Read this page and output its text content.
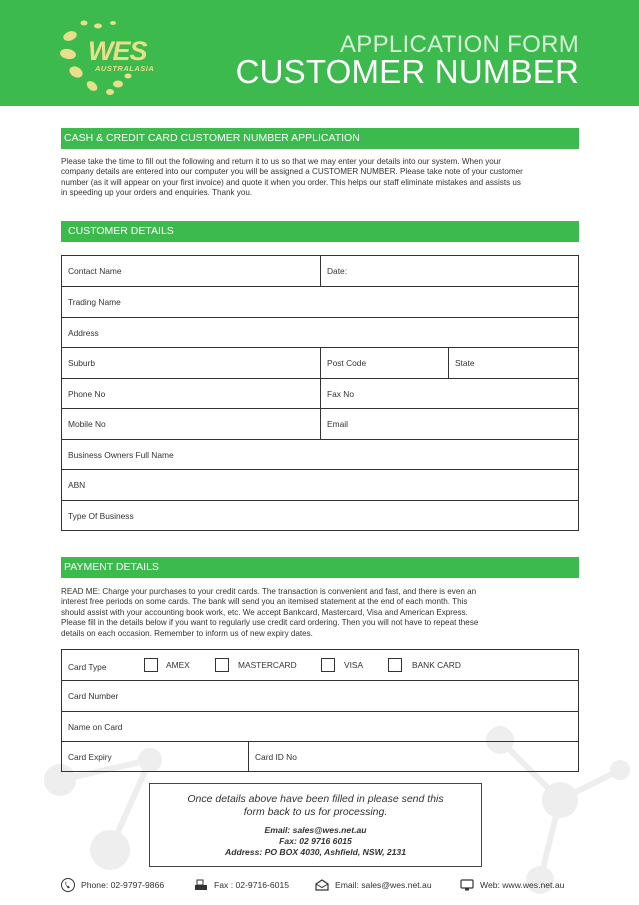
WES
AUSTRALASIA
APPLICATION FORM
CUSTOMER NUMBER
CASH & CREDIT CARD CUSTOMER NUMBER APPLICATION
Please take the time to fill out the following and return it to us so that we may enter your details into our system. When your
company details are entered into our computer you will be assigned a CUSTOMER NUMBER. Please take note of your customer
number (as it will appear on your first invoice) and quote it when you order. This helps our staff eliminate mistakes and assists us
in speeding up your orders and enquiries. Thank you.
CUSTOMER DETAILS
Contact Name	Date:
Trading Name
Address
Suburb	Post Code	State
Phone No	Fax No
Mobile No	Email
Business Owners Full Name
ABN
Type Of Business
PAYMENT DETAILS
READ ME: Charge your purchases to your credit cards. The transaction is convenient and fast, and there is even an
interest free periods on some cards. The bank will send you an itemised statement at the end of each month. This
should assist with your accounting book work, etc. We accept Bankcard, Mastercard, Visa and American Express.
Please fill in the details below if you want to regularly use credit card ordering. Then you will not have to repeat these
details on each occasion. Remember to inform us of new expiry dates.
Card Type	AMEX	MASTERCARD	VISA	BANK CARD
Card Number
Name on Card
Card Expiry	Card ID No
Once details above have been filled in please send this
form back to us for processing.
Email: sales@wes.net.au
Fax: 02 9716 6015
Address: PO BOX 4030, Ashfield, NSW, 2131
Phone: 02-9797-9866	Fax : 02-9716-6015	Email: sales@wes.net.au	Web: www.wes.net.au
